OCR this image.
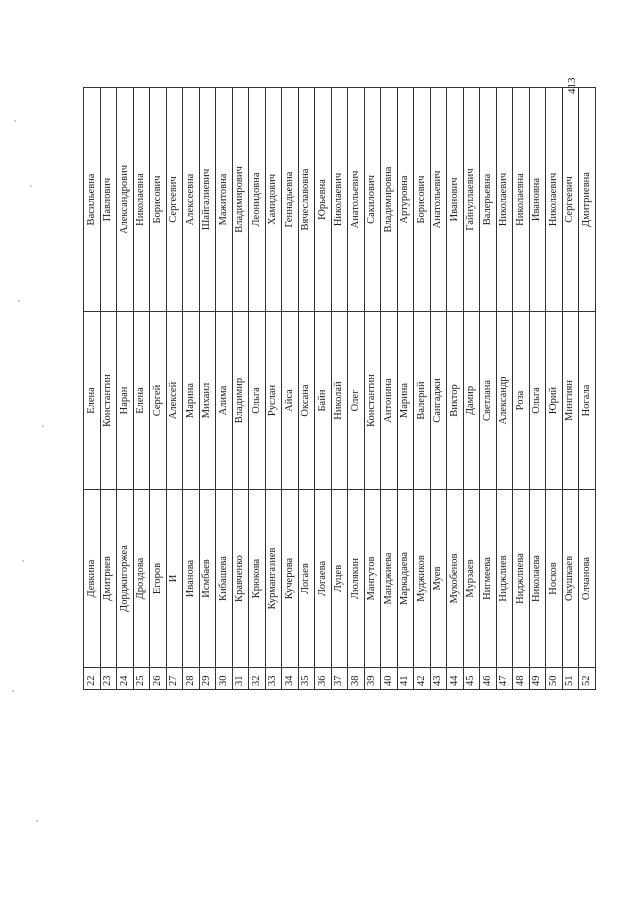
413
22	Девкина	Елена	Васильевна
23	Дмитриев	Константин	Павлович
24	Дорджигоржеа	Наран	Александрович
25	Дроздова	Елена	Николаевна
26	Егоров	Сергей	Борисович
27	И	Алексей	Сергеевич
28	Иванова	Марина	Алексеевна
29	Исмбаев	Михаил	Шайгалиевич
30	Кибашева	Алима	Мажитовна
31	Кравченко	Владимир	Владимирович
32	Крюкова	Ольга	Леонидовна
33	Курмангазиев	Руслан	Хамидович
34	Кучерова	Айса	Геннадьевна
35	Логаев	Оксана	Вячеславовна
36	Логаева	Байн	Юрьевна
37	Луцев	Николай	Николаевич
38	Люлякин	Олег	Анатольевич
39	Мангутов	Константин	Сакилович
40	Манджиева	Антонина	Владимировна
41	Маркадаева	Марина	Артуровна
42	Муджиков	Валерий	Борисович
43	Муев	Сангаджи	Анатольевич
44	Мукобенов	Виктор	Иванович
45	Мурзаев	Дамир	Гайнуллаевич
46	Нигмеева	Светлана	Валерьевна
47	Ниджлиев	Александр	Николаевич
48	Ниджлиева	Роза	Николаевна
49	Николаева	Ольга	Ивановна
50	Носков	Юрий	Николаевич
51	Окушкаев	Мингиян	Сергеевич
52	Олчанова	Ногала	Дмитриевна
